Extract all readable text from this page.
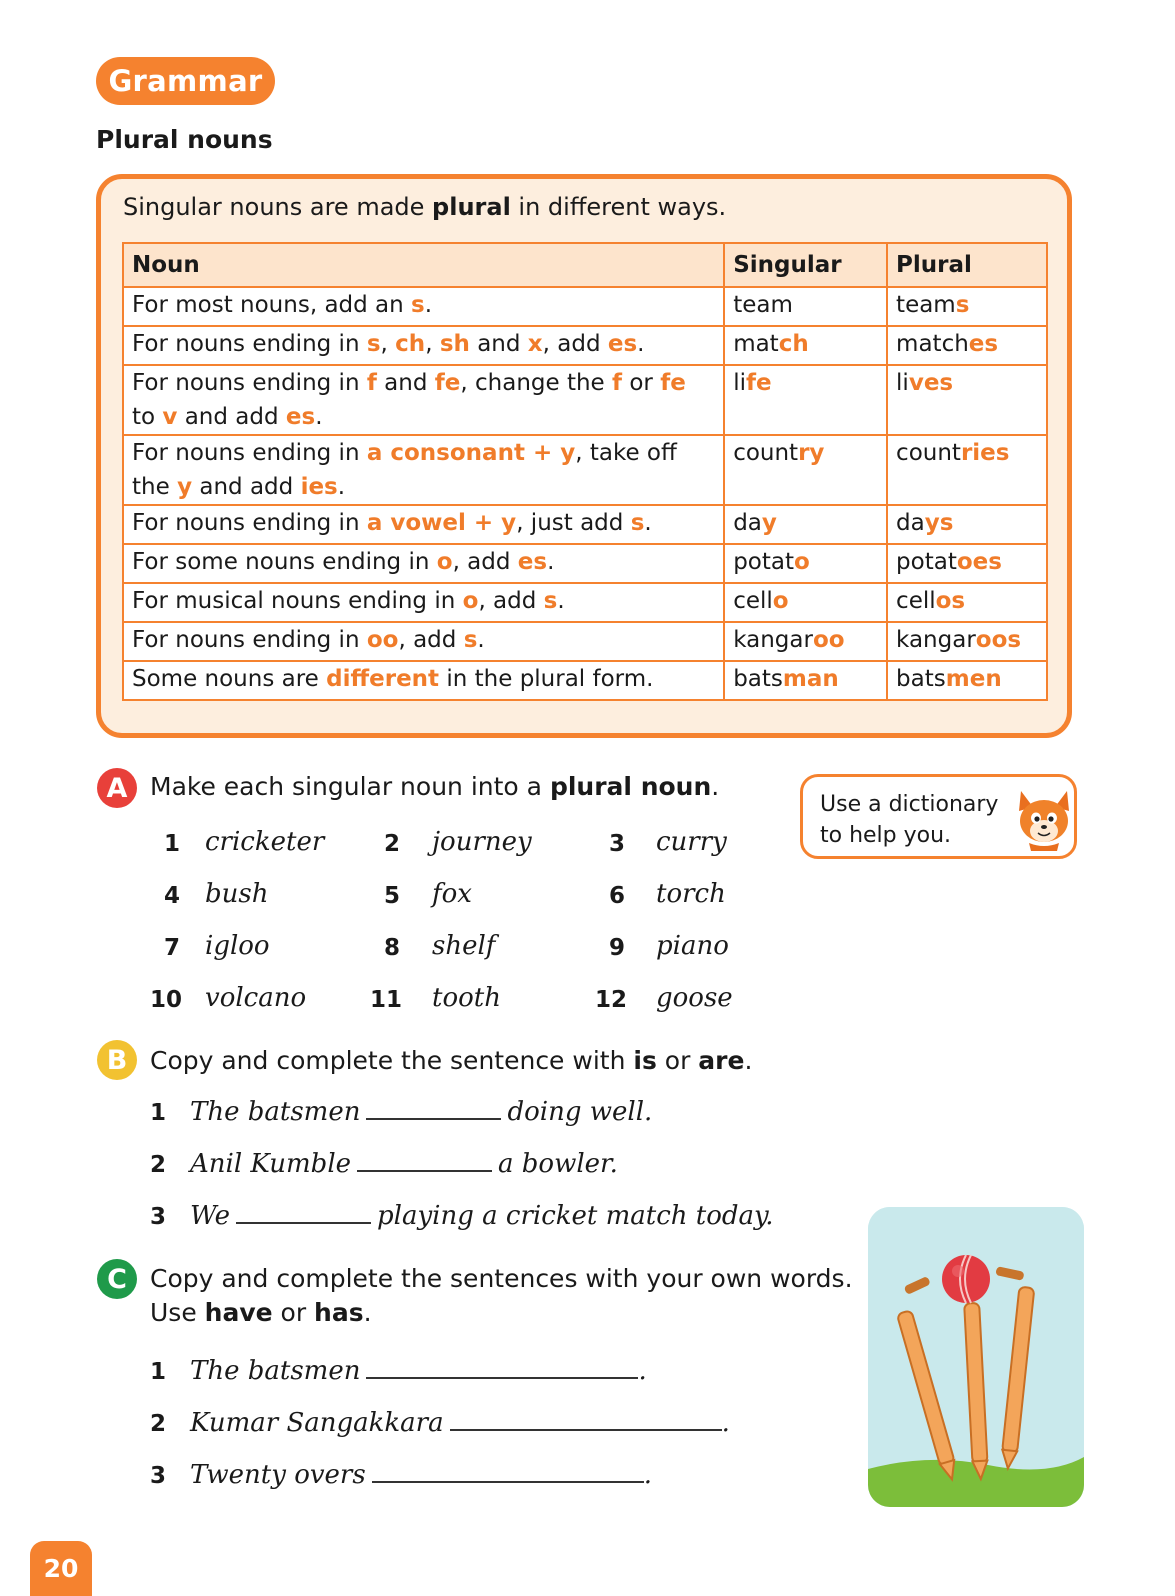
Grammar
Plural nouns
Singular nouns are made plural in different ways.
Noun	Singular	Plural
For most nouns, add an s.	team	teams
For nouns ending in s, ch, sh and x, add es.	match	matches
For nouns ending in f and fe, change the f or fe to v and add es.	life	lives
For nouns ending in a consonant + y, take off the y and add ies.	country	countries
For nouns ending in a vowel + y, just add s.	day	days
For some nouns ending in o, add es.	potato	potatoes
For musical nouns ending in o, add s.	cello	cellos
For nouns ending in oo, add s.	kangaroo	kangaroos
Some nouns are different in the plural form.	batsman	batsmen
A Make each singular noun into a plural noun.
1 cricketer	2 journey	3 curry
4 bush	5 fox	6 torch
7 igloo	8 shelf	9 piano
10 volcano	11 tooth	12 goose
Use a dictionary
to help you.
B Copy and complete the sentence with is or are.
1 The batsmen	doing well.
2 Anil Kumble	a bowler.
3 We	playing a cricket match today.
C Copy and complete the sentences with your own words.
Use have or has.
1 The batsmen	.
2 Kumar Sangakkara	.
3 Twenty overs	.
20
